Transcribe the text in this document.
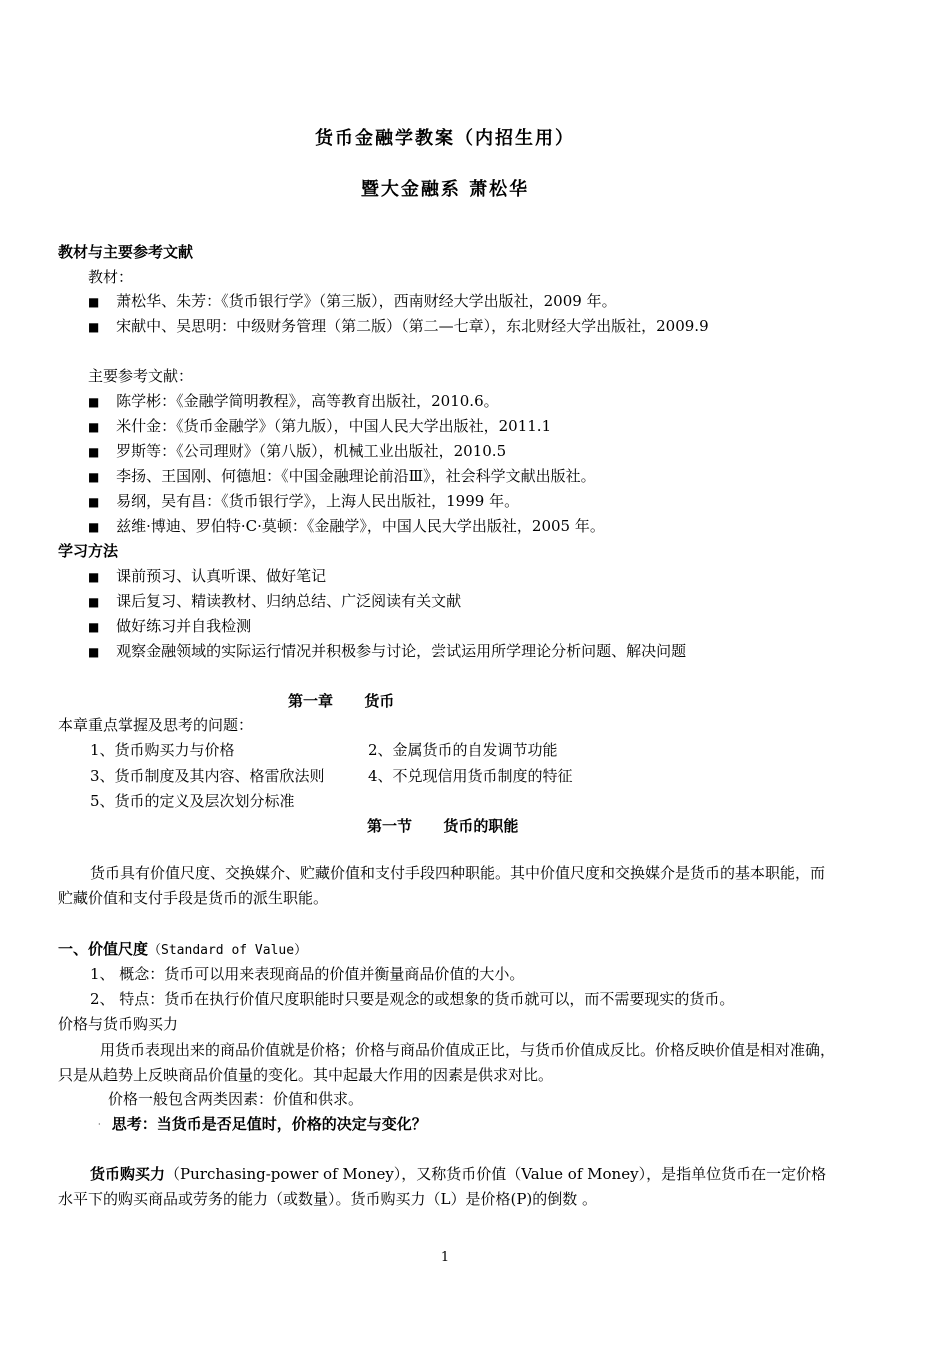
货币金融学教案（内招生用）
暨大金融系 萧松华
教材与主要参考文献
教材：
■ 萧松华、朱芳：《货币银行学》（第三版），西南财经大学出版社，2009 年。
■ 宋献中、吴思明：中级财务管理（第二版）（第二—七章），东北财经大学出版社，2009.9
主要参考文献：
■ 陈学彬：《金融学简明教程》，高等教育出版社，2010.6。
■ 米什金：《货币金融学》（第九版），中国人民大学出版社，2011.1
■ 罗斯等：《公司理财》（第八版），机械工业出版社，2010.5
■ 李扬、王国刚、何德旭：《中国金融理论前沿Ⅲ》，社会科学文献出版社。
■ 易纲，吴有昌：《货币银行学》，上海人民出版社，1999 年。
■ 兹维·博迪、罗伯特·C·莫顿：《金融学》，中国人民大学出版社，2005 年。
学习方法
■ 课前预习、认真听课、做好笔记
■ 课后复习、精读教材、归纳总结、广泛阅读有关文献
■ 做好练习并自我检测
■ 观察金融领域的实际运行情况并积极参与讨论，尝试运用所学理论分析问题、解决问题
第一章      货币
本章重点掌握及思考的问题：
1、货币购买力与价格	2、金属货币的自发调节功能
3、货币制度及其内容、格雷欣法则	4、不兑现信用货币制度的特征
5、货币的定义及层次划分标准
第一节      货币的职能
货币具有价值尺度、交换媒介、贮藏价值和支付手段四种职能。其中价值尺度和交换媒介是货币的基本职能，而贮藏价值和支付手段是货币的派生职能。
一、价值尺度（Standard of Value）
1、 概念：货币可以用来表现商品的价值并衡量商品价值的大小。
2、 特点：货币在执行价值尺度职能时只要是观念的或想象的货币就可以，而不需要现实的货币。
价格与货币购买力
用货币表现出来的商品价值就是价格；价格与商品价值成正比，与货币价值成反比。价格反映价值是相对准确，只是从趋势上反映商品价值量的变化。其中起最大作用的因素是供求对比。
价格一般包含两类因素：价值和供求。
· 思考：当货币是否足值时，价格的决定与变化？
货币购买力（Purchasing-power of Money），又称货币价值（Value of Money），是指单位货币在一定价格水平下的购买商品或劳务的能力（或数量）。货币购买力（L）是价格(P)的倒数 。
1
